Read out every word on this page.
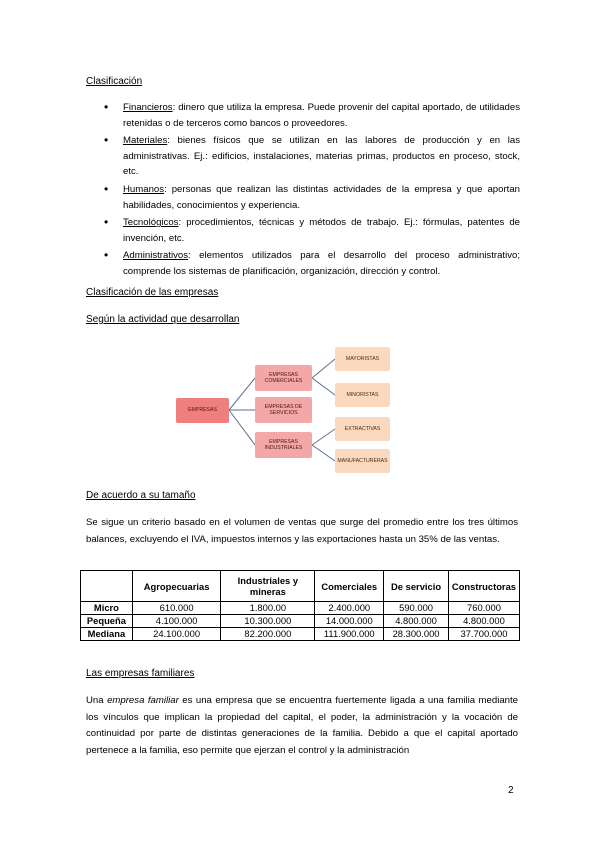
Clasificación
• Financieros: dinero que utiliza la empresa. Puede provenir del capital aportado, de utilidades retenidas o de terceros como bancos o proveedores.
• Materiales: bienes físicos que se utilizan en las labores de producción y en las administrativas. Ej.: edificios, instalaciones, materias primas, productos en proceso, stock, etc.
• Humanos: personas que realizan las distintas actividades de la empresa y que aportan habilidades, conocimientos y experiencia.
• Tecnológicos: procedimientos, técnicas y métodos de trabajo. Ej.: fórmulas, patentes de invención, etc.
• Administrativos: elementos utilizados para el desarrollo del proceso administrativo; comprende los sistemas de planificación, organización, dirección y control.
Clasificación de las empresas
Según la actividad que desarrollan
EMPRESAS
EMPRESAS COMERCIALES
EMPRESAS DE SERVICIOS
EMPRESAS INDUSTRIALES
MAYORISTAS
MINORISTAS
EXTRACTIVAS
MANUFACTURERAS
De acuerdo a su tamaño

Se sigue un criterio basado en el volumen de ventas que surge del promedio entre los tres últimos balances, excluyendo el IVA, impuestos internos y las exportaciones hasta un 35% de las ventas.

	Agropecuarias	Industriales y mineras	Comerciales	De servicio	Constructoras
Micro	610.000	1.800.00	2.400.000	590.000	760.000
Pequeña	4.100.000	10.300.000	14.000.000	4.800.000	4.800.000
Mediana	24.100.000	82.200.000	111.900.000	28.300.000	37.700.000
Las empresas familiares

Una empresa familiar es una empresa que se encuentra fuertemente ligada a una familia mediante los vínculos que implican la propiedad del capital, el poder, la administración y la vocación de continuidad por parte de distintas generaciones de la familia. Debido a que el capital aportado pertenece a la familia, eso permite que ejerzan el control y la administración

2
